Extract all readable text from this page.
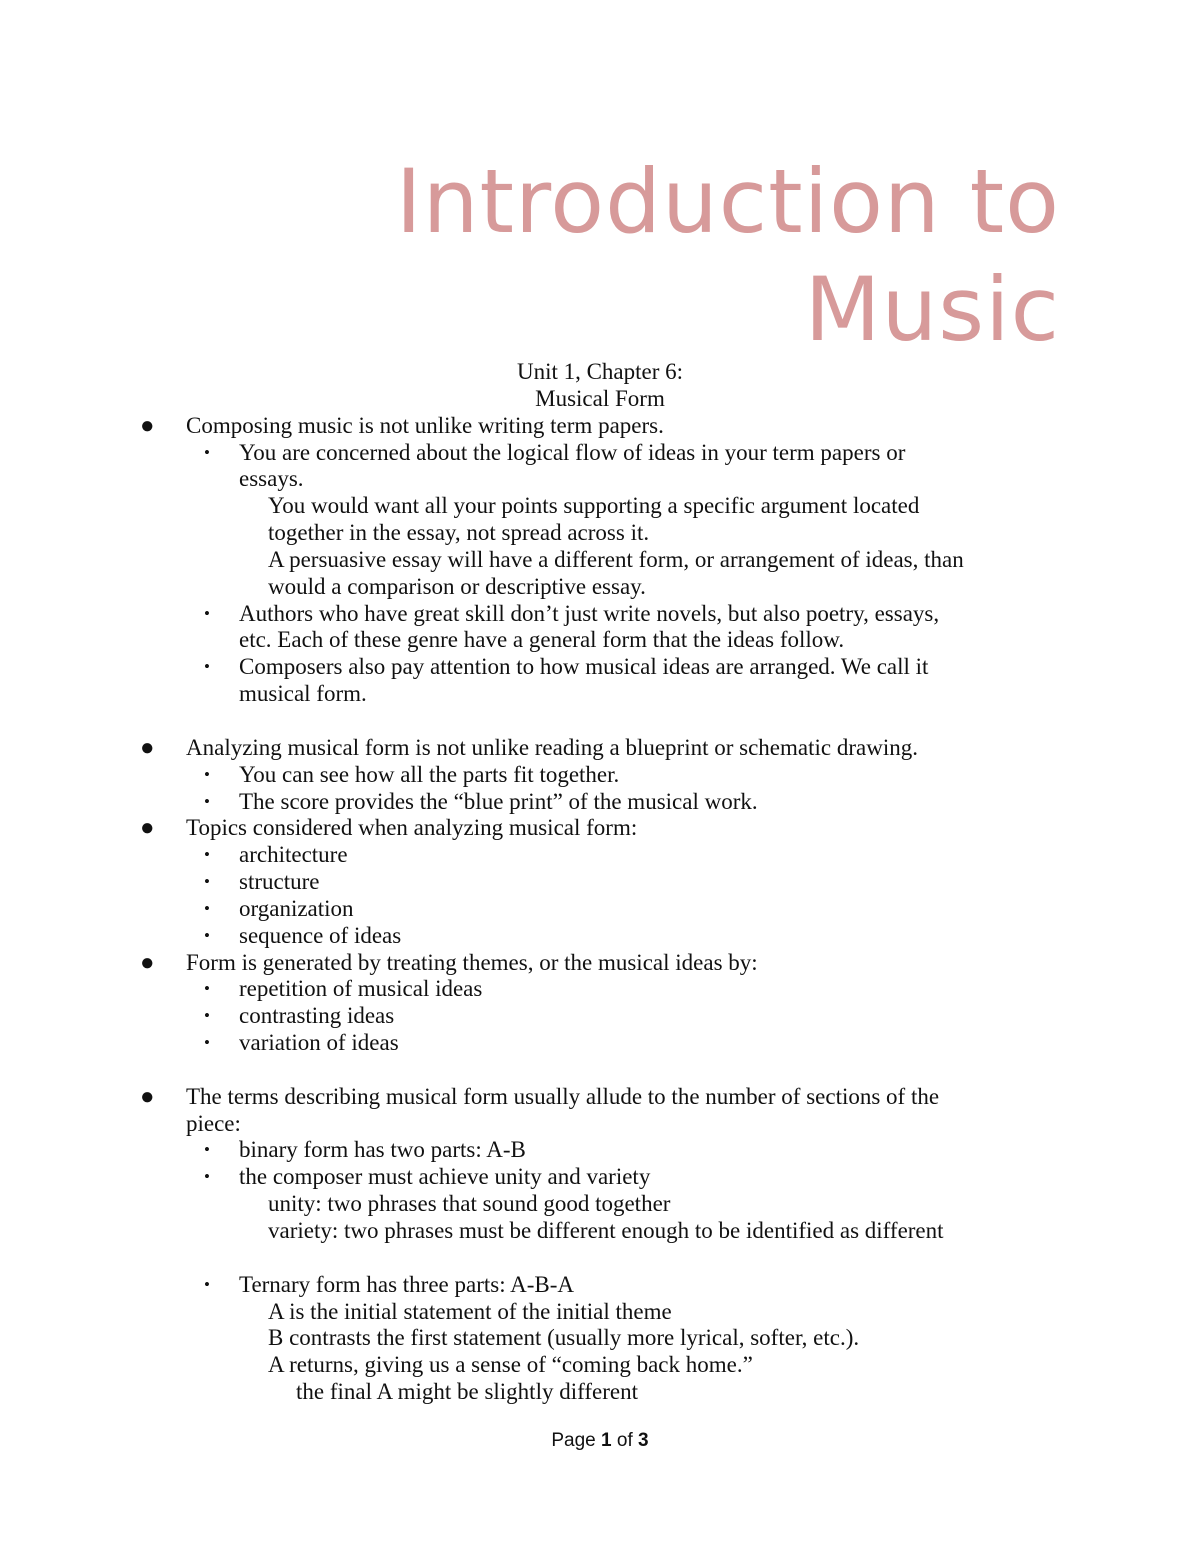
Introduction to
Music
Unit 1, Chapter 6:
Musical Form
● Composing music is not unlike writing term papers.
• You are concerned about the logical flow of ideas in your term papers or
essays.
You would want all your points supporting a specific argument located
together in the essay, not spread across it.
A persuasive essay will have a different form, or arrangement of ideas, than
would a comparison or descriptive essay.
• Authors who have great skill don’t just write novels, but also poetry, essays,
etc. Each of these genre have a general form that the ideas follow.
• Composers also pay attention to how musical ideas are arranged. We call it
musical form.
● Analyzing musical form is not unlike reading a blueprint or schematic drawing.
• You can see how all the parts fit together.
• The score provides the “blue print” of the musical work.
● Topics considered when analyzing musical form:
• architecture
• structure
• organization
• sequence of ideas
● Form is generated by treating themes, or the musical ideas by:
• repetition of musical ideas
• contrasting ideas
• variation of ideas
● The terms describing musical form usually allude to the number of sections of the
piece:
• binary form has two parts: A-B
• the composer must achieve unity and variety
unity: two phrases that sound good together
variety: two phrases must be different enough to be identified as different
• Ternary form has three parts: A-B-A
A is the initial statement of the initial theme
B contrasts the first statement (usually more lyrical, softer, etc.).
A returns, giving us a sense of “coming back home.”
the final A might be slightly different
Page 1 of 3
